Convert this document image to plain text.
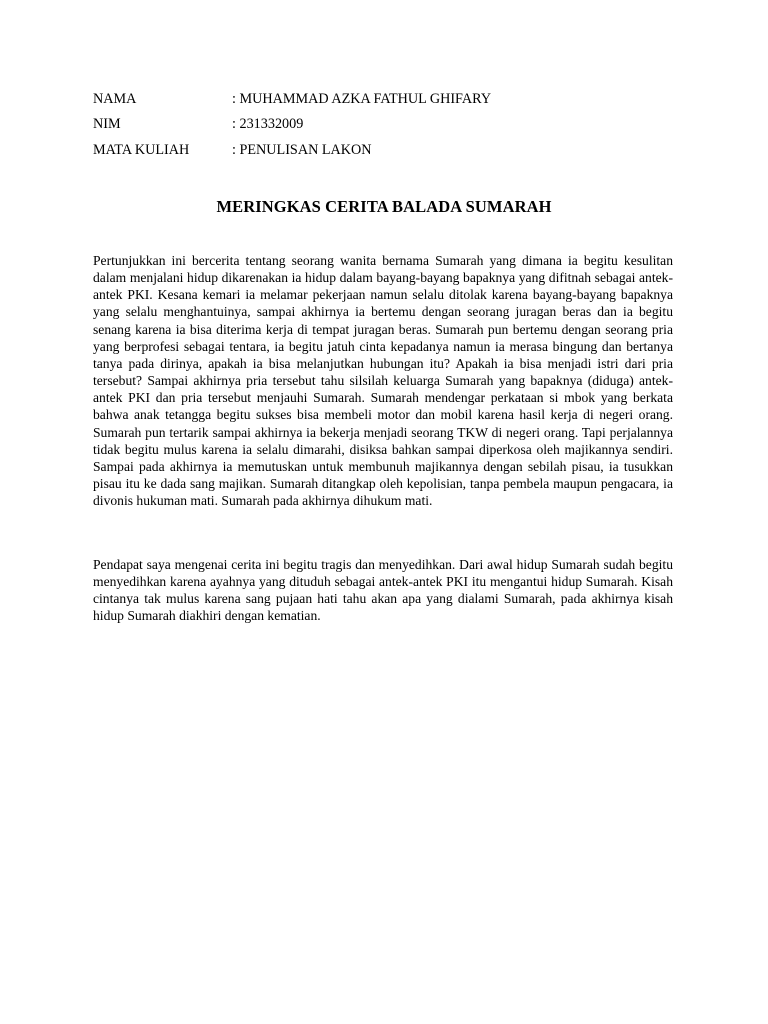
NAMA	: MUHAMMAD AZKA FATHUL GHIFARY
NIM	: 231332009
MATA KULIAH	: PENULISAN LAKON
MERINGKAS CERITA BALADA SUMARAH

Pertunjukkan ini bercerita tentang seorang wanita bernama Sumarah yang dimana ia begitu kesulitan dalam menjalani hidup dikarenakan ia hidup dalam bayang-bayang bapaknya yang difitnah sebagai antek-antek PKI. Kesana kemari ia melamar pekerjaan namun selalu ditolak karena bayang-bayang bapaknya yang selalu menghantuinya, sampai akhirnya ia bertemu dengan seorang juragan beras dan ia begitu senang karena ia bisa diterima kerja di tempat juragan beras. Sumarah pun bertemu dengan seorang pria yang berprofesi sebagai tentara, ia begitu jatuh cinta kepadanya namun ia merasa bingung dan bertanya tanya pada dirinya, apakah ia bisa melanjutkan hubungan itu? Apakah ia bisa menjadi istri dari pria tersebut? Sampai akhirnya pria tersebut tahu silsilah keluarga Sumarah yang bapaknya (diduga) antek-antek PKI dan pria tersebut menjauhi Sumarah. Sumarah mendengar perkataan si mbok yang berkata bahwa anak tetangga begitu sukses bisa membeli motor dan mobil karena hasil kerja di negeri orang. Sumarah pun tertarik sampai akhirnya ia bekerja menjadi seorang TKW di negeri orang. Tapi perjalannya tidak begitu mulus karena ia selalu dimarahi, disiksa bahkan sampai diperkosa oleh majikannya sendiri. Sampai pada akhirnya ia memutuskan untuk membunuh majikannya dengan sebilah pisau, ia tusukkan pisau itu ke dada sang majikan. Sumarah ditangkap oleh kepolisian, tanpa pembela maupun pengacara, ia divonis hukuman mati. Sumarah pada akhirnya dihukum mati.

Pendapat saya mengenai cerita ini begitu tragis dan menyedihkan. Dari awal hidup Sumarah sudah begitu menyedihkan karena ayahnya yang dituduh sebagai antek-antek PKI itu mengantui hidup Sumarah. Kisah cintanya tak mulus karena sang pujaan hati tahu akan apa yang dialami Sumarah, pada akhirnya kisah hidup Sumarah diakhiri dengan kematian.
